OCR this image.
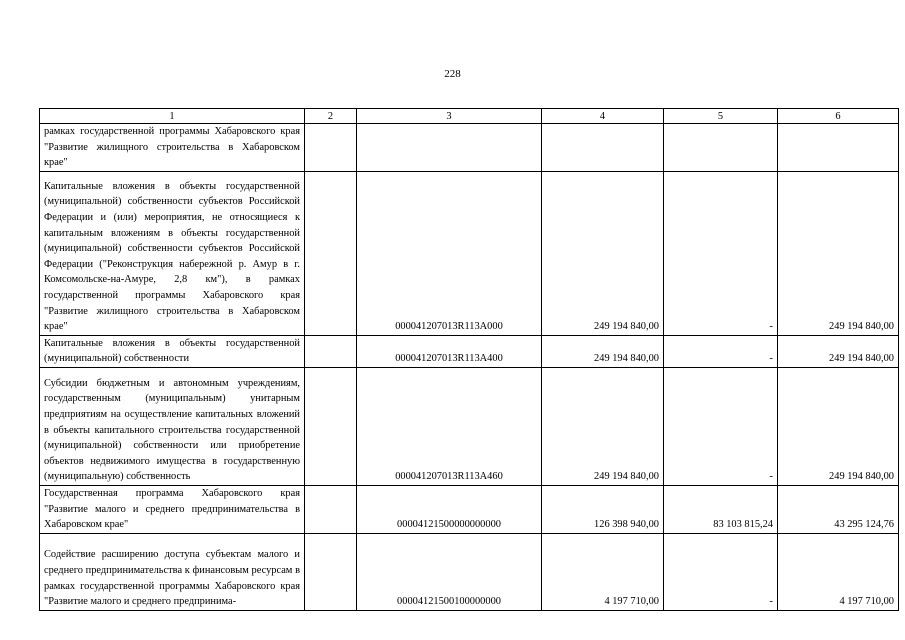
228
1	2	3	4	5	6
рамках государственной программы Хабаровского края "Развитие жилищного строительства в Хабаровском крае"					
Капитальные вложения в объекты государственной (муниципальной) собственности субъектов Российской Федерации и (или) мероприятия, не относящиеся к капитальным вложениям в объекты государственной (муниципальной) собственности субъектов Российской Федерации ("Реконструкция набережной р. Амур в г. Комсомольске-на-Амуре, 2,8 км"), в рамках государственной программы Хабаровского края "Развитие жилищного строительства в Хабаровском крае"		000041207013R113A000	249 194 840,00	-	249 194 840,00
Капитальные вложения в объекты государственной (муниципальной) собственности		000041207013R113A400	249 194 840,00	-	249 194 840,00
Субсидии бюджетным и автономным учреждениям, государственным (муниципальным) унитарным предприятиям на осуществление капитальных вложений в объекты капитального строительства государственной (муниципальной) собственности или приобретение объектов недвижимого имущества в государственную (муниципальную) собственность		000041207013R113A460	249 194 840,00	-	249 194 840,00
Государственная программа Хабаровского края "Развитие малого и среднего предпринимательства в Хабаровском крае"		00004121500000000000	126 398 940,00	83 103 815,24	43 295 124,76
Содействие расширению доступа субъектам малого и среднего предпринимательства к финансовым ресурсам в рамках государственной программы Хабаровского края "Развитие малого и среднего предпринима-		00004121500100000000	4 197 710,00	-	4 197 710,00
